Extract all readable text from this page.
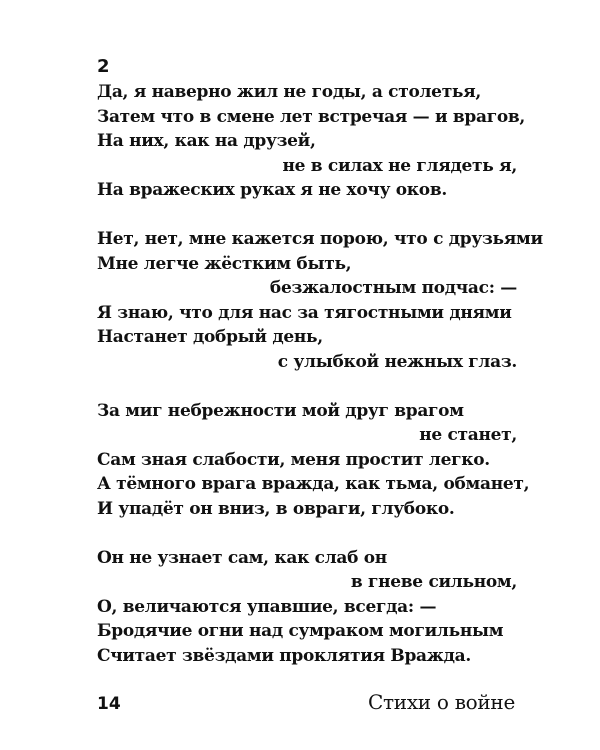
2
Да, я наверно жил не годы, а столетья,
Затем что в смене лет встречая — и врагов,
На них, как на друзей,
не в силах не глядеть я,
На вражеских руках я не хочу оков.
Нет, нет, мне кажется порою, что с друзьями
Мне легче жёстким быть,
безжалостным подчас: —
Я знаю, что для нас за тягостными днями
Настанет добрый день,
с улыбкой нежных глаз.
За миг небрежности мой друг врагом
не станет,
Сам зная слабости, меня простит легко.
А тёмного врага вражда, как тьма, обманет,
И упадёт он вниз, в овраги, глубоко.
Он не узнает сам, как слаб он
в гневе сильном,
О, величаются упавшие, всегда: —
Бродячие огни над сумраком могильным
Считает звёздами проклятия Вражда.
14	Стихи о войне
